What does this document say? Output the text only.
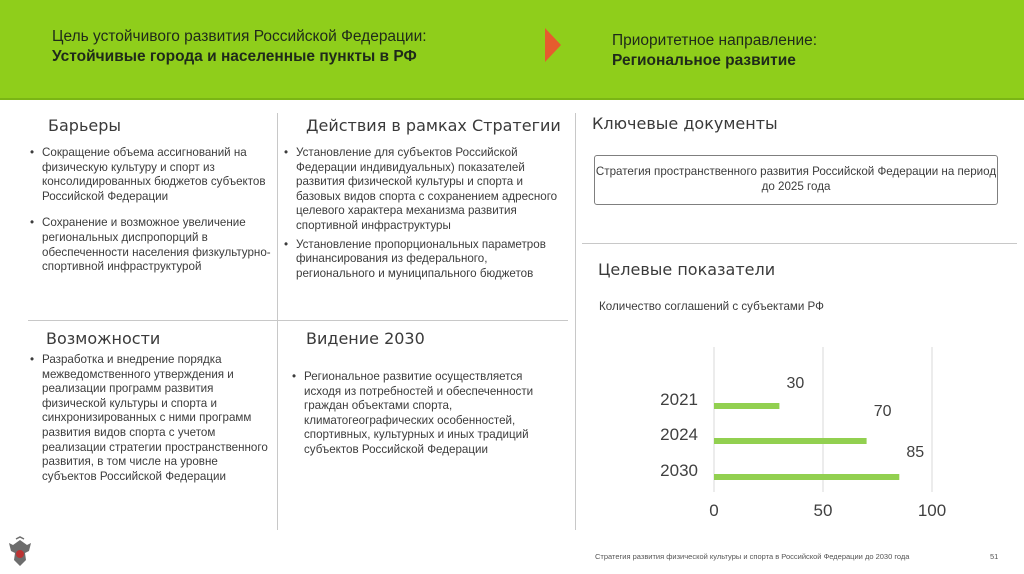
Цель устойчивого развития Российской Федерации:
Устойчивые города и населенные пункты в РФ
Приоритетное направление:
Региональное развитие
Барьеры
• Сокращение объема ассигнований на физическую культуру и спорт из консолидированных бюджетов субъектов Российской Федерации
• Сохранение и возможное увеличение региональных диспропорций в обеспеченности населения физкультурно-спортивной инфраструктурой
Действия в рамках Стратегии
• Установление для субъектов Российской Федерации индивидуальных) показателей развития физической культуры и спорта и базовых видов спорта с сохранением адресного целевого характера механизма развития спортивной инфраструктуры
• Установление пропорциональных параметров финансирования из федерального, регионального и муниципального бюджетов
Возможности
• Разработка и внедрение порядка межведомственного утверждения и реализации программ развития физической культуры и спорта и синхронизированных с ними программ развития видов спорта с учетом реализации стратегии пространственного развития, в том числе на уровне субъектов Российской Федерации
Видение 2030
• Региональное развитие осуществляется исходя из потребностей и обеспеченности граждан объектами спорта, климатогеографических особенностей, спортивных, культурных и иных традиций субъектов Российской Федерации
Ключевые документы
Стратегия пространственного развития Российской Федерации на период до 2025 года
Целевые показатели
Количество соглашений с субъектами РФ
0	50	100
2021
30
2024
70
2030
85
Стратегия развития физической культуры и спорта в Российской Федерации до 2030 года	51
